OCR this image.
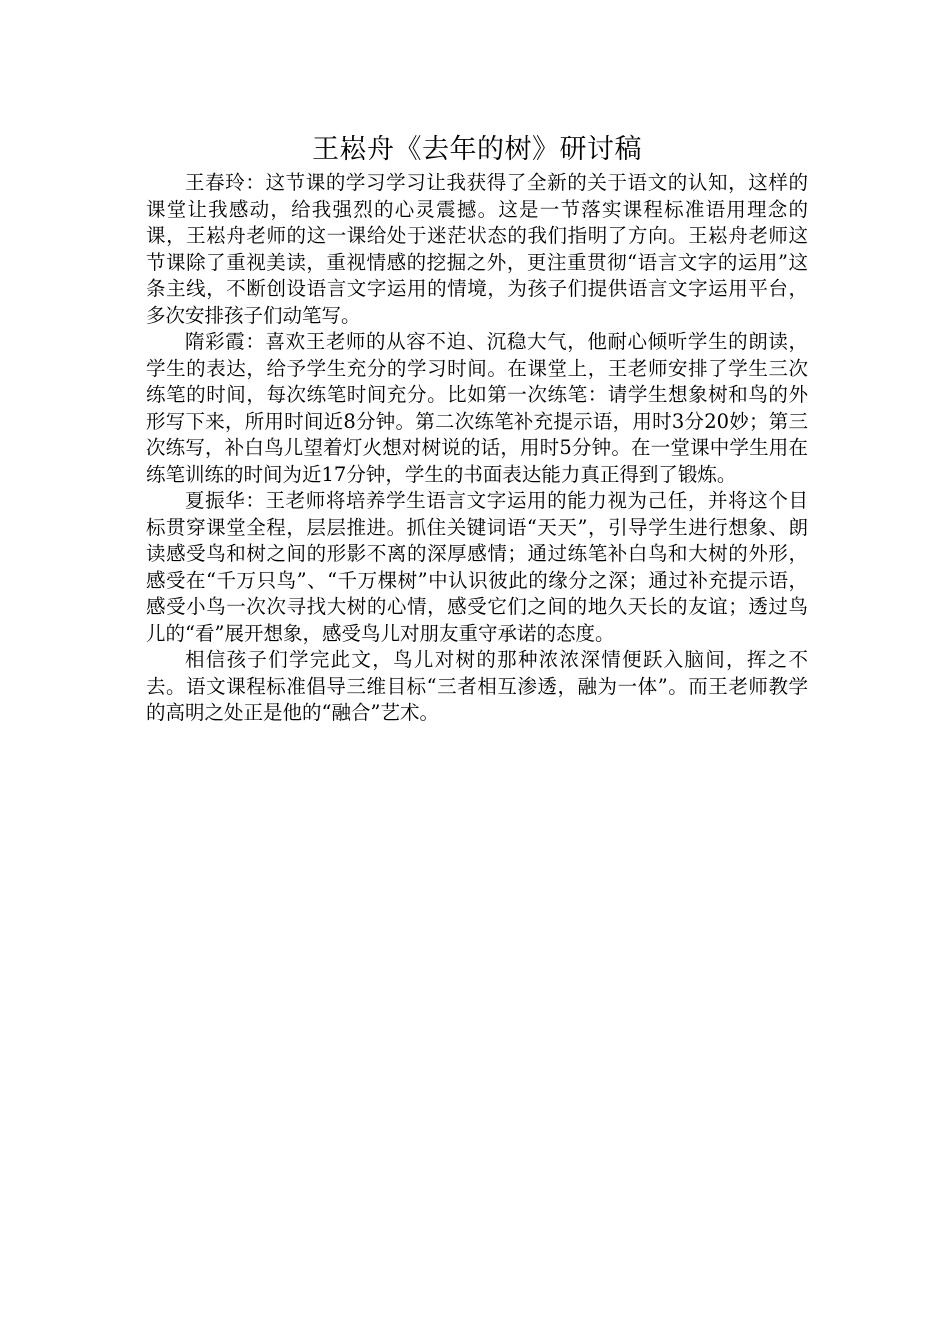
王崧舟《去年的树》研讨稿

王春玲：这节课的学习学习让我获得了全新的关于语文的认知，这样的课堂让我感动，给我强烈的心灵震撼。这是一节落实课程标准语用理念的课，王崧舟老师的这一课给处于迷茫状态的我们指明了方向。王崧舟老师这节课除了重视美读，重视情感的挖掘之外，更注重贯彻“语言文字的运用”这条主线，不断创设语言文字运用的情境，为孩子们提供语言文字运用平台，多次安排孩子们动笔写。

隋彩霞：喜欢王老师的从容不迫、沉稳大气，他耐心倾听学生的朗读，学生的表达，给予学生充分的学习时间。在课堂上，王老师安排了学生三次练笔的时间，每次练笔时间充分。比如第一次练笔：请学生想象树和鸟的外形写下来，所用时间近8分钟。第二次练笔补充提示语，用时3分20妙；第三次练写，补白鸟儿望着灯火想对树说的话，用时5分钟。在一堂课中学生用在练笔训练的时间为近17分钟，学生的书面表达能力真正得到了锻炼。

夏振华：王老师将培养学生语言文字运用的能力视为己任，并将这个目标贯穿课堂全程，层层推进。抓住关键词语“天天”，引导学生进行想象、朗读感受鸟和树之间的形影不离的深厚感情；通过练笔补白鸟和大树的外形，感受在“千万只鸟”、“千万棵树”中认识彼此的缘分之深；通过补充提示语，感受小鸟一次次寻找大树的心情，感受它们之间的地久天长的友谊；透过鸟儿的“看”展开想象，感受鸟儿对朋友重守承诺的态度。

相信孩子们学完此文，鸟儿对树的那种浓浓深情便跃入脑间，挥之不去。语文课程标准倡导三维目标“三者相互渗透，融为一体”。而王老师教学的高明之处正是他的“融合”艺术。
